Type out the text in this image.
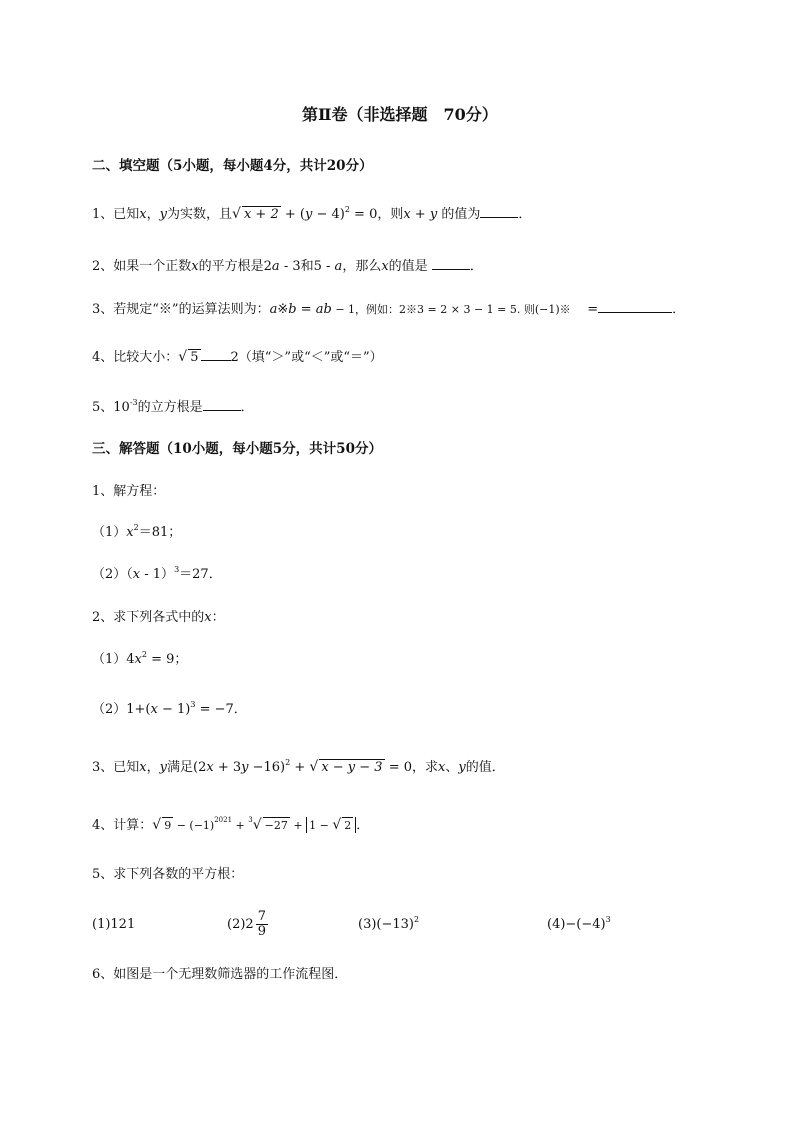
第Ⅱ卷（非选择题　70分）
二、填空题（5小题，每小题4分，共计20分）
1、已知x，y为实数，且√ $x + 2 + (y - 4)^2 = 0$，则x + y 的值为	．
2、如果一个正数x的平方根是2a - 3和5 - a，那么x的值是	．
3、若规定“※”的运算法则为：a※b = ab − 1，例如：2※3 = 2 × 3 − 1 = 5. 则(−1)※ =	．
4、比较大小：√ 5 2（填“＞”或“＜”或“＝”）
5、$10^{-3}$的立方根是	．
三、解答题（10小题，每小题5分，共计50分）
1、解方程：
$(1)x^2=81$；
（2）（x - 1）$^3$＝27．
2、求下列各式中的x：
$(1)4x^2 = 9$；
$(2)1+(x - 1)^3 = -7$．
3、已知x，y满足$(2x + 3y -16)^2$ + √ x − y − 3 = 0，求x、y的值．
4、计算：√ $9 - (-1)^{2021} + ^3√ -27 + 1$ − √ 2 ．
5、求下列各数的平方根：
(1)121	$(2)2 \frac{7}{9}$	$(3)(-13)^2$	$(4)-(-4)^3$
6、如图是一个无理数筛选器的工作流程图．
